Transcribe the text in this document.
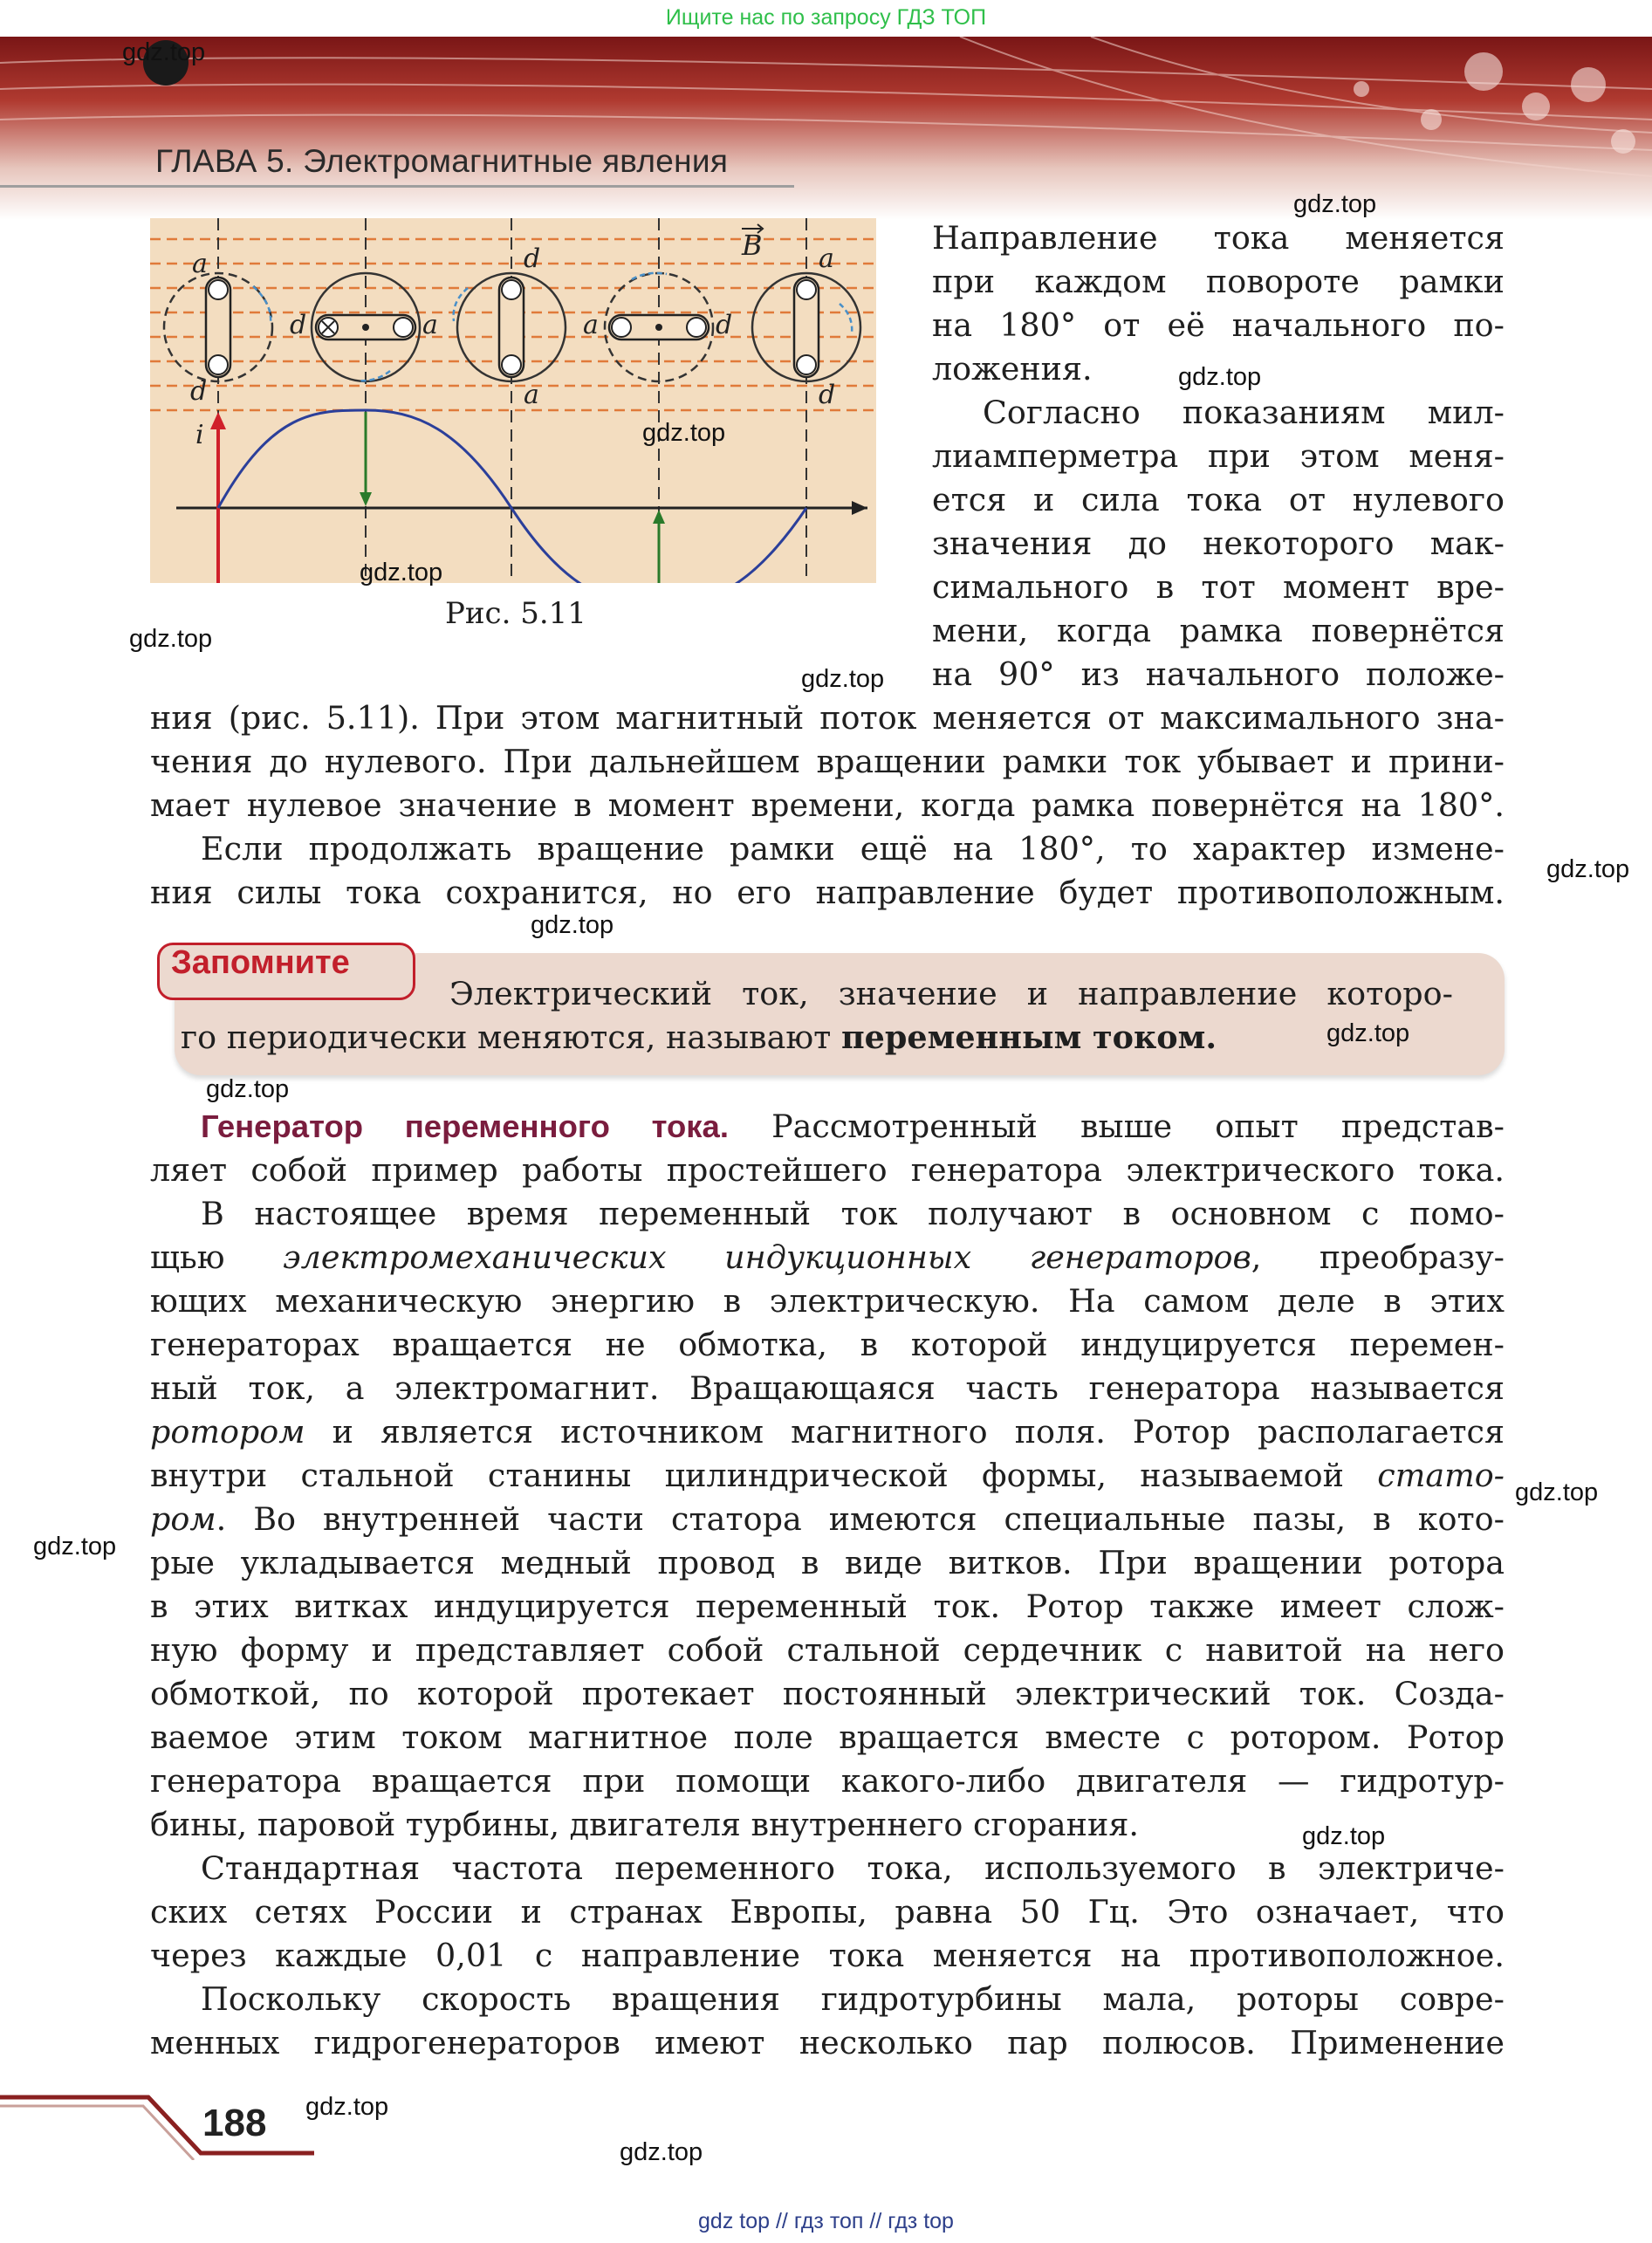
Ищите нас по запросу ГДЗ ТОП
ГЛАВА 5. Электромагнитные явления
a
d
d	a
d
a
a	d
a
d
B
i
Рис. 5.11
Направление тока меняется
при каждом повороте рамки
на 180° от её начального по-
ложения.
Согласно показаниям мил-
лиамперметра при этом меня-
ется и сила тока от нулевого
значения до некоторого мак-
симального в тот момент вре-
мени, когда рамка повернётся
на 90° из начального положе-
ния (рис. 5.11). При этом магнитный поток меняется от максимального зна-
чения до нулевого. При дальнейшем вращении рамки ток убывает и прини-
мает нулевое значение в момент времени, когда рамка повернётся на 180°.
Если продолжать вращение рамки ещё на 180°, то характер измене-
ния силы тока сохранится, но его направление будет противоположным.
Запомните
Электрический ток, значение и направление которо-
го периодически меняются, называют переменным током.
Генератор переменного тока. Рассмотренный выше опыт представ-
ляет собой пример работы простейшего генератора электрического тока.
В настоящее время переменный ток получают в основном с помо-
щью электромеханических индукционных генераторов, преобразу-
ющих механическую энергию в электрическую. На самом деле в этих
генераторах вращается не обмотка, в которой индуцируется перемен-
ный ток, а электромагнит. Вращающаяся часть генератора называется
ротором и является источником магнитного поля. Ротор располагается
внутри стальной станины цилиндрической формы, называемой стато-
ром. Во внутренней части статора имеются специальные пазы, в кото-
рые укладывается медный провод в виде витков. При вращении ротора
в этих витках индуцируется переменный ток. Ротор также имеет слож-
ную форму и представляет собой стальной сердечник с навитой на него
обмоткой, по которой протекает постоянный электрический ток. Созда-
ваемое этим током магнитное поле вращается вместе с ротором. Ротор
генератора вращается при помощи какого-либо двигателя — гидротур-
бины, паровой турбины, двигателя внутреннего сгорания.
Стандартная частота переменного тока, используемого в электриче-
ских сетях России и странах Европы, равна 50 Гц. Это означает, что
через каждые 0,01 с направление тока меняется на противоположное.
Поскольку скорость вращения гидротурбины мала, роторы совре-
менных гидрогенераторов имеют несколько пар полюсов. Применение
188
gdz.top
gdz.top
gdz.top
gdz.top
gdz.top
gdz.top
gdz.top
gdz.top
gdz.top
gdz.top
gdz.top
gdz.top
gdz.top
gdz.top
gdz.top
gdz.top
gdz top // гдз топ // гдз top
